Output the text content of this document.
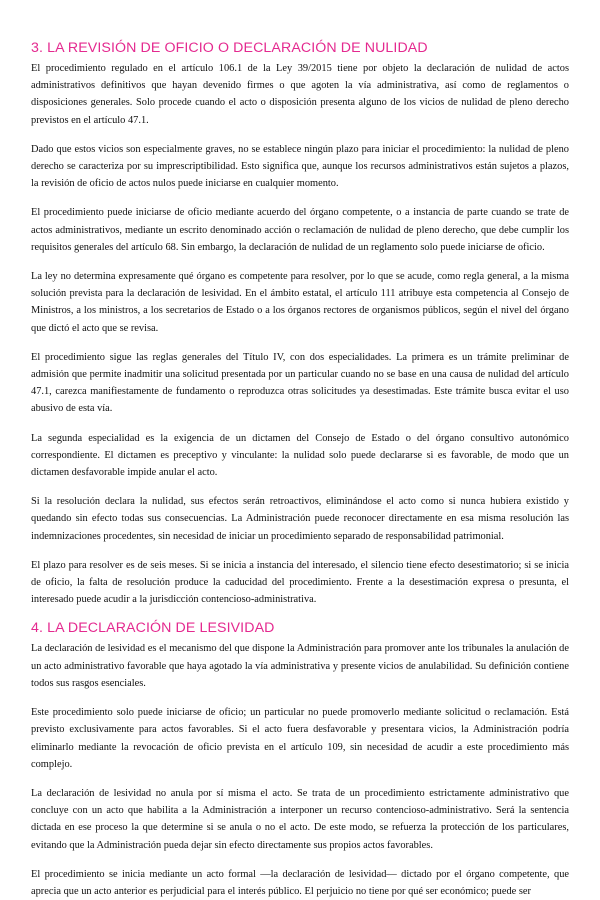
3. LA REVISIÓN DE OFICIO O DECLARACIÓN DE NULIDAD

El procedimiento regulado en el artículo 106.1 de la Ley 39/2015 tiene por objeto la declaración de nulidad de actos administrativos definitivos que hayan devenido firmes o que agoten la vía administrativa, así como de reglamentos o disposiciones generales. Solo procede cuando el acto o disposición presenta alguno de los vicios de nulidad de pleno derecho previstos en el artículo 47.1.

Dado que estos vicios son especialmente graves, no se establece ningún plazo para iniciar el procedimiento: la nulidad de pleno derecho se caracteriza por su imprescriptibilidad. Esto significa que, aunque los recursos administrativos están sujetos a plazos, la revisión de oficio de actos nulos puede iniciarse en cualquier momento.

El procedimiento puede iniciarse de oficio mediante acuerdo del órgano competente, o a instancia de parte cuando se trate de actos administrativos, mediante un escrito denominado acción o reclamación de nulidad de pleno derecho, que debe cumplir los requisitos generales del artículo 68. Sin embargo, la declaración de nulidad de un reglamento solo puede iniciarse de oficio.

La ley no determina expresamente qué órgano es competente para resolver, por lo que se acude, como regla general, a la misma solución prevista para la declaración de lesividad. En el ámbito estatal, el artículo 111 atribuye esta competencia al Consejo de Ministros, a los ministros, a los secretarios de Estado o a los órganos rectores de organismos públicos, según el nivel del órgano que dictó el acto que se revisa.

El procedimiento sigue las reglas generales del Título IV, con dos especialidades. La primera es un trámite preliminar de admisión que permite inadmitir una solicitud presentada por un particular cuando no se base en una causa de nulidad del artículo 47.1, carezca manifiestamente de fundamento o reproduzca otras solicitudes ya desestimadas. Este trámite busca evitar el uso abusivo de esta vía.

La segunda especialidad es la exigencia de un dictamen del Consejo de Estado o del órgano consultivo autonómico correspondiente. El dictamen es preceptivo y vinculante: la nulidad solo puede declararse si es favorable, de modo que un dictamen desfavorable impide anular el acto.

Si la resolución declara la nulidad, sus efectos serán retroactivos, eliminándose el acto como si nunca hubiera existido y quedando sin efecto todas sus consecuencias. La Administración puede reconocer directamente en esa misma resolución las indemnizaciones procedentes, sin necesidad de iniciar un procedimiento separado de responsabilidad patrimonial.

El plazo para resolver es de seis meses. Si se inicia a instancia del interesado, el silencio tiene efecto desestimatorio; si se inicia de oficio, la falta de resolución produce la caducidad del procedimiento. Frente a la desestimación expresa o presunta, el interesado puede acudir a la jurisdicción contencioso-administrativa.

4. LA DECLARACIÓN DE LESIVIDAD

La declaración de lesividad es el mecanismo del que dispone la Administración para promover ante los tribunales la anulación de un acto administrativo favorable que haya agotado la vía administrativa y presente vicios de anulabilidad. Su definición contiene todos sus rasgos esenciales.

Este procedimiento solo puede iniciarse de oficio; un particular no puede promoverlo mediante solicitud o reclamación. Está previsto exclusivamente para actos favorables. Si el acto fuera desfavorable y presentara vicios, la Administración podría eliminarlo mediante la revocación de oficio prevista en el artículo 109, sin necesidad de acudir a este procedimiento más complejo.

La declaración de lesividad no anula por sí misma el acto. Se trata de un procedimiento estrictamente administrativo que concluye con un acto que habilita a la Administración a interponer un recurso contencioso-administrativo. Será la sentencia dictada en ese proceso la que determine si se anula o no el acto. De este modo, se refuerza la protección de los particulares, evitando que la Administración pueda dejar sin efecto directamente sus propios actos favorables.

El procedimiento se inicia mediante un acto formal —la declaración de lesividad— dictado por el órgano competente, que aprecia que un acto anterior es perjudicial para el interés público. El perjuicio no tiene por qué ser económico; puede ser
